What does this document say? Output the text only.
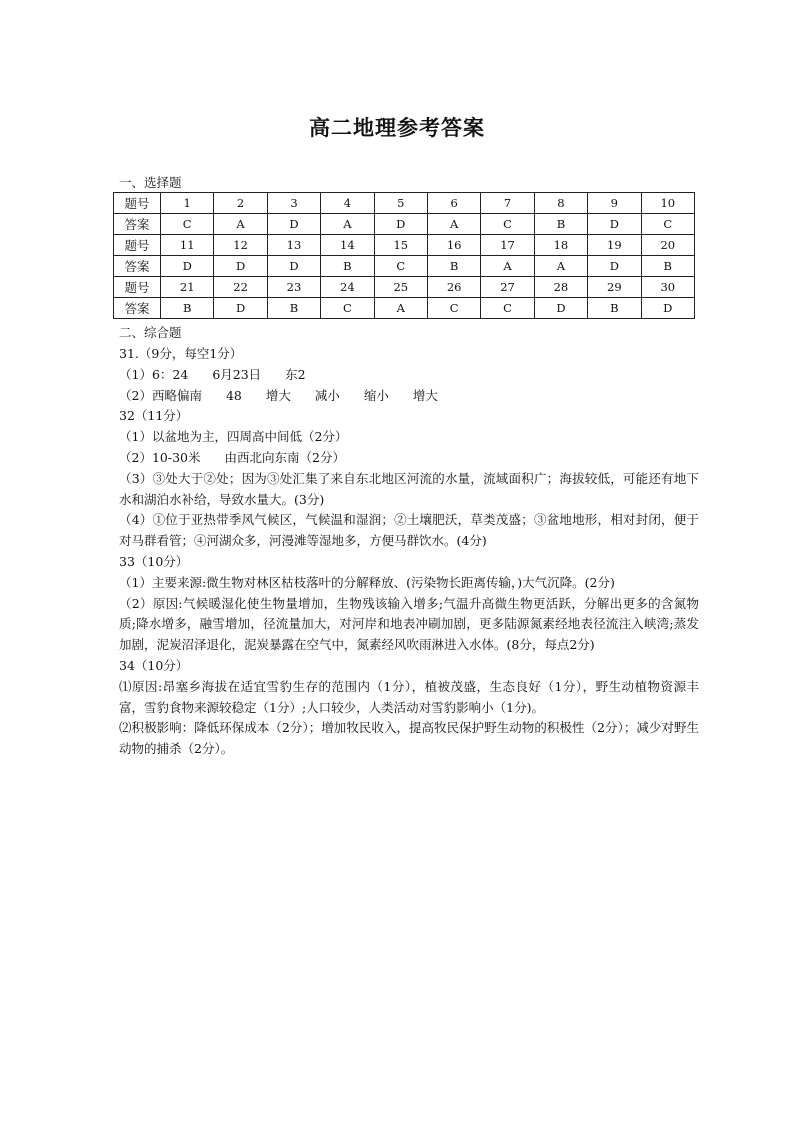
高二地理参考答案
一、选择题
题号	1	2	3	4	5	6	7	8	9	10
答案	C	A	D	A	D	A	C	B	D	C
题号	11	12	13	14	15	16	17	18	19	20
答案	D	D	D	B	C	B	A	A	D	B
题号	21	22	23	24	25	26	27	28	29	30
答案	B	D	B	C	A	C	C	D	B	D
二、综合题

31.（9分，每空1分）

（1）6：24 6月23日 东2

（2）西略偏南 48 增大 减小 缩小 增大

32（11分）

（1）以盆地为主，四周高中间低（2分）

（2）10-30米 由西北向东南（2分）

（3）③处大于②处；因为③处汇集了来自东北地区河流的水量，流域面积广；海拔较低，可能还有地下水和湖泊水补给，导致水量大。(3分)

（4）①位于亚热带季风气候区，气候温和湿润；②土壤肥沃，草类茂盛；③盆地地形，相对封闭，便于对马群看管；④河湖众多，河漫滩等湿地多，方便马群饮水。(4分)

33（10分）

（1）主要来源:微生物对林区枯枝落叶的分解释放、(污染物长距离传输，)大气沉降。(2分)

（2）原因:气候暖湿化使生物量增加，生物残该输入增多;气温升高微生物更活跃，分解出更多的含氮物质;降水增多，融雪增加，径流量加大，对河岸和地表冲刷加剧，更多陆源氮素经地表径流注入峡湾;蒸发加剧，泥炭沼泽退化，泥炭暴露在空气中，氮素经风吹雨淋进入水体。(8分，每点2分)

34（10分）

⑴原因:昂塞乡海拔在适宜雪豹生存的范围内（1分），植被茂盛，生态良好（1分），野生动植物资源丰富，雪豹食物来源较稳定（1分）;人口较少，人类活动对雪豹影响小（1分)。

⑵积极影响：降低环保成本（2分）；增加牧民收入，提高牧民保护野生动物的积极性（2分）；减少对野生动物的捕杀（2分）。
